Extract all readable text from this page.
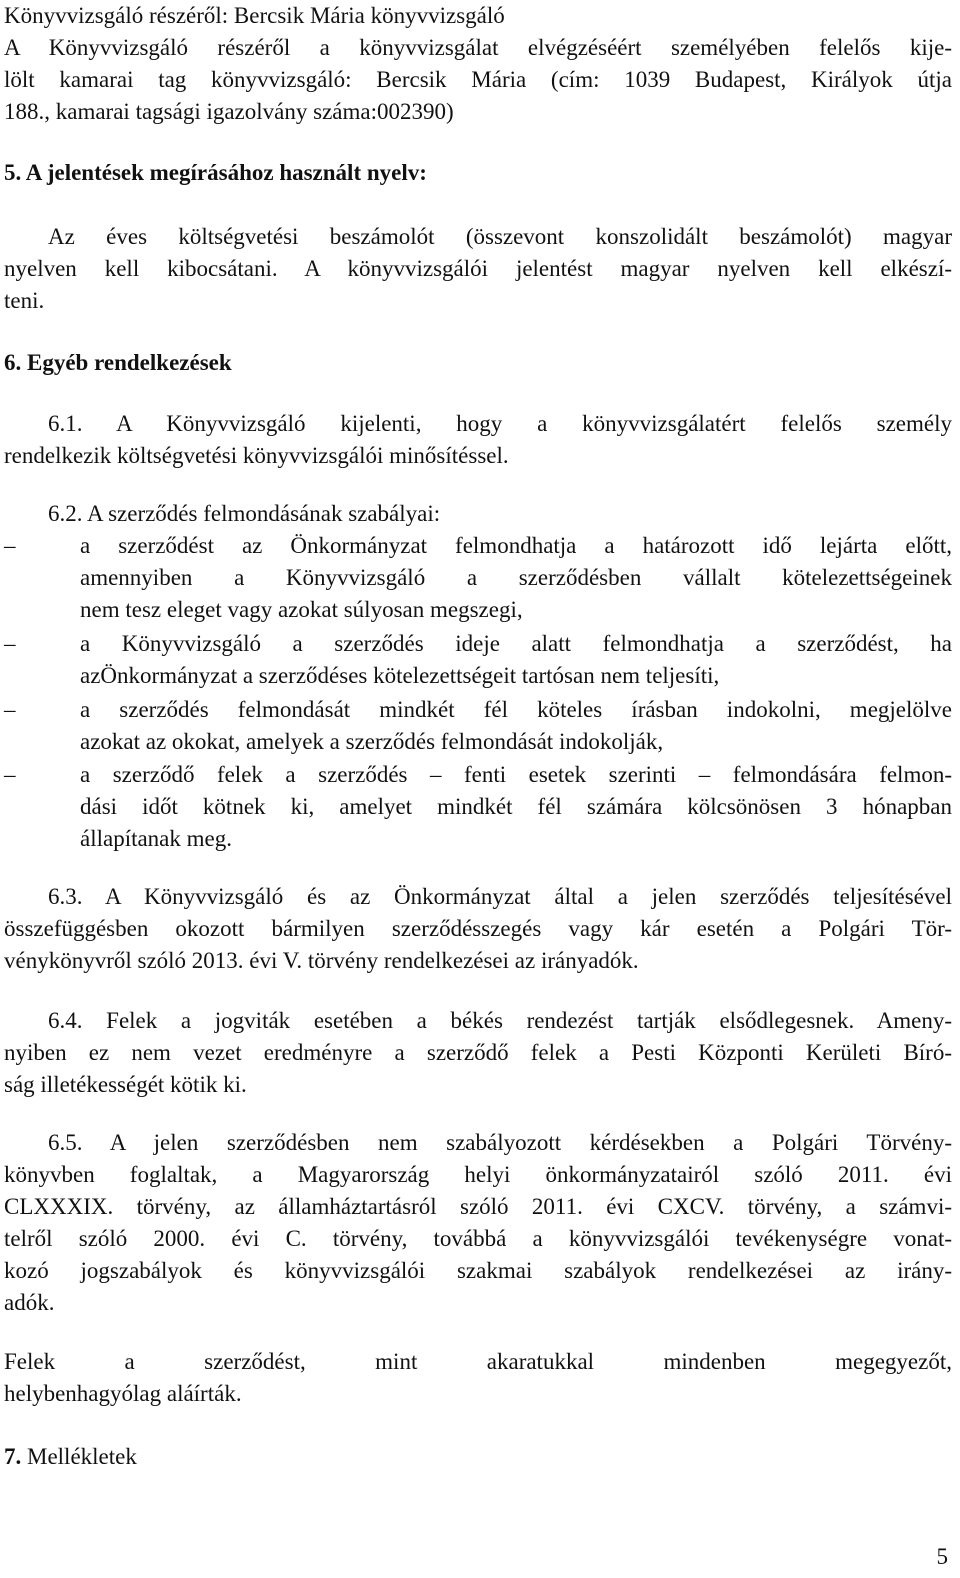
Könyvvizsgáló részéről: Bercsik Mária könyvvizsgáló
A Könyvvizsgáló részéről a könyvvizsgálat elvégzéséért személyében felelős kije-
lölt kamarai tag könyvvizsgáló: Bercsik Mária (cím: 1039 Budapest, Királyok útja
188., kamarai tagsági igazolvány száma:002390)
5. A jelentések megírásához használt nyelv:
Az éves költségvetési beszámolót (összevont konszolidált beszámolót) magyar
nyelven kell kibocsátani. A könyvvizsgálói jelentést magyar nyelven kell elkészí-
teni.
6. Egyéb rendelkezések
6.1. A Könyvvizsgáló kijelenti, hogy a könyvvizsgálatért felelős személy
rendelkezik költségvetési könyvvizsgálói minősítéssel.
6.2. A szerződés felmondásának szabályai:
–	a szerződést az Önkormányzat felmondhatja a határozott idő lejárta előtt,
amennyiben a Könyvvizsgáló a szerződésben vállalt kötelezettségeinek
nem tesz eleget vagy azokat súlyosan megszegi,
–	a Könyvvizsgáló a szerződés ideje alatt felmondhatja a szerződést, ha
azÖnkormányzat a szerződéses kötelezettségeit tartósan nem teljesíti,
–	a szerződés felmondását mindkét fél köteles írásban indokolni, megjelölve
azokat az okokat, amelyek a szerződés felmondását indokolják,
–	a szerződő felek a szerződés – fenti esetek szerinti – felmondására felmon-
dási időt kötnek ki, amelyet mindkét fél számára kölcsönösen 3 hónapban
állapítanak meg.
6.3. A Könyvvizsgáló és az Önkormányzat által a jelen szerződés teljesítésével
összefüggésben okozott bármilyen szerződésszegés vagy kár esetén a Polgári Tör-
vénykönyvről szóló 2013. évi V. törvény rendelkezései az irányadók.
6.4. Felek a jogviták esetében a békés rendezést tartják elsődlegesnek. Ameny-
nyiben ez nem vezet eredményre a szerződő felek a Pesti Központi Kerületi Bíró-
ság illetékességét kötik ki.
6.5. A jelen szerződésben nem szabályozott kérdésekben a Polgári Törvény-
könyvben foglaltak, a Magyarország helyi önkormányzatairól szóló 2011. évi
CLXXXIX. törvény, az államháztartásról szóló 2011. évi CXCV. törvény, a számvi-
telről szóló 2000. évi C. törvény, továbbá a könyvvizsgálói tevékenységre vonat-
kozó jogszabályok és könyvvizsgálói szakmai szabályok rendelkezései az irány-
adók.
Felek a szerződést, mint akaratukkal mindenben megegyezőt,
helybenhagyólag aláírták.
7. Mellékletek
5
